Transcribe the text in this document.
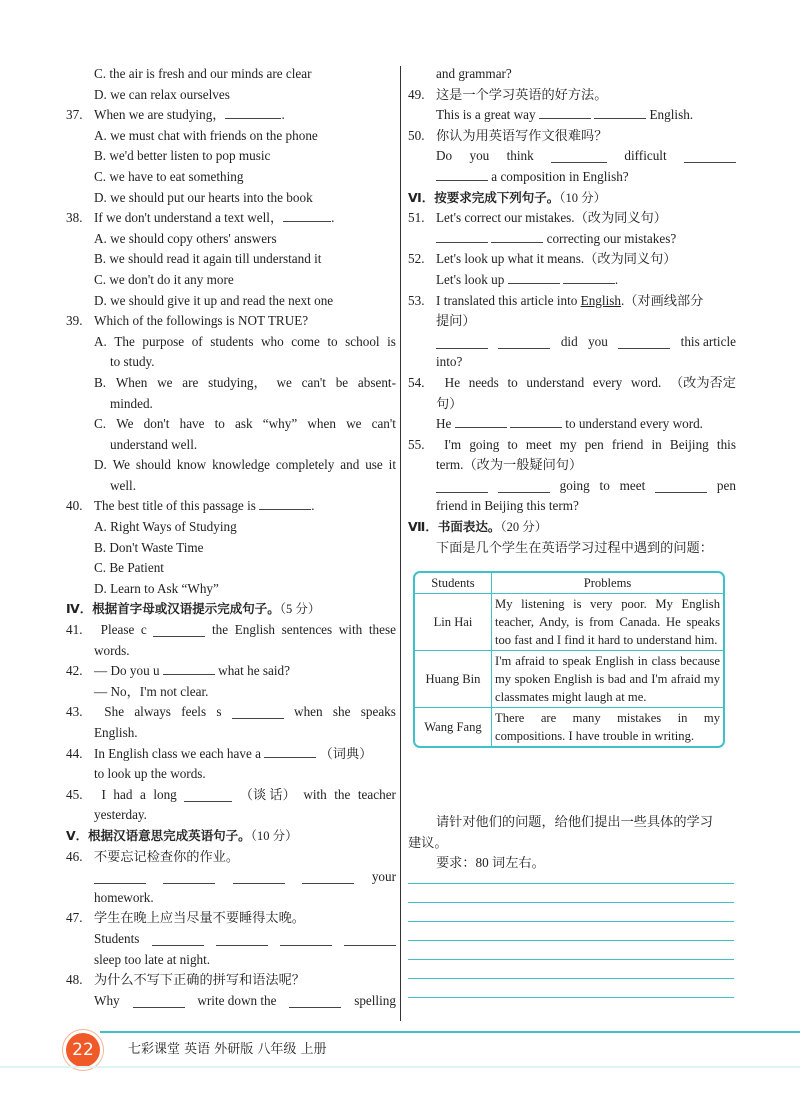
C. the air is fresh and our minds are clear
D. we can relax ourselves
37. When we are studying，	.
A. we must chat with friends on the phone
B. we'd better listen to pop music
C. we have to eat something
D. we should put our hearts into the book
38. If we don't understand a text well，	.
A. we should copy others' answers
B. we should read it again till understand it
C. we don't do it any more
D. we should give it up and read the next one
39. Which of the followings is NOT TRUE?
A. The purpose of students who come to school is
to study.
B. When we are studying， we can't be absent-
minded.
C. We don't have to ask “why” when we can't
understand well.
D. We should know knowledge completely and use it
well.
40. The best title of this passage is	.
A. Right Ways of Studying
B. Don't Waste Time
C. Be Patient
D. Learn to Ask “Why”
Ⅳ．根据首字母或汉语提示完成句子。（5 分）
41.	Please c	the English sentences with these
words.
42. — Do you u	what he said?
— No，I'm not clear.
43.	She always feels s	when she speaks
English.
44. In English class we each have a	（词典）
to look up the words.
45.	I had a long	（谈 话） with the teacher
yesterday.
Ⅴ．根据汉语意思完成英语句子。（10 分）
46. 不要忘记检查你的作业。
your
homework.
47. 学生在晚上应当尽量不要睡得太晚。
Students
sleep too late at night.
48. 为什么不写下正确的拼写和语法呢？
Why	write down the	spelling
and grammar?
49. 这是一个学习英语的好方法。
This is a great way	English.
50. 你认为用英语写作文很难吗？
Do you think	difficult
a composition in English?
Ⅵ．按要求完成下列句子。（10 分）
51. Let's correct our mistakes.（改为同义句）
correcting our mistakes?
52. Let's look up what it means.（改为同义句）
Let's look up	.
53. I translated this article into English.（对画线部分
提问）
did you	this article
into?
54.	He needs to understand every word. （改为否定
句）
He	to understand every word.
55.	I'm going to meet my pen friend in Beijing this
term.（改为一般疑问句）
going to meet	pen
friend in Beijing this term?
Ⅶ．书面表达。（20 分）
下面是几个学生在英语学习过程中遇到的问题：
Students	Problems
Lin Hai	My listening is very poor. My English teacher, Andy, is from Canada. He speaks too fast and I find it hard to understand him.
Huang Bin	I'm afraid to speak English in class because my spoken English is bad and I'm afraid my classmates might laugh at me.
Wang Fang	There are many mistakes in my compositions. I have trouble in writing.
请针对他们的问题，给他们提出一些具体的学习
建议。
要求：80 词左右。
22	七彩课堂 英语 外研版 八年级 上册
